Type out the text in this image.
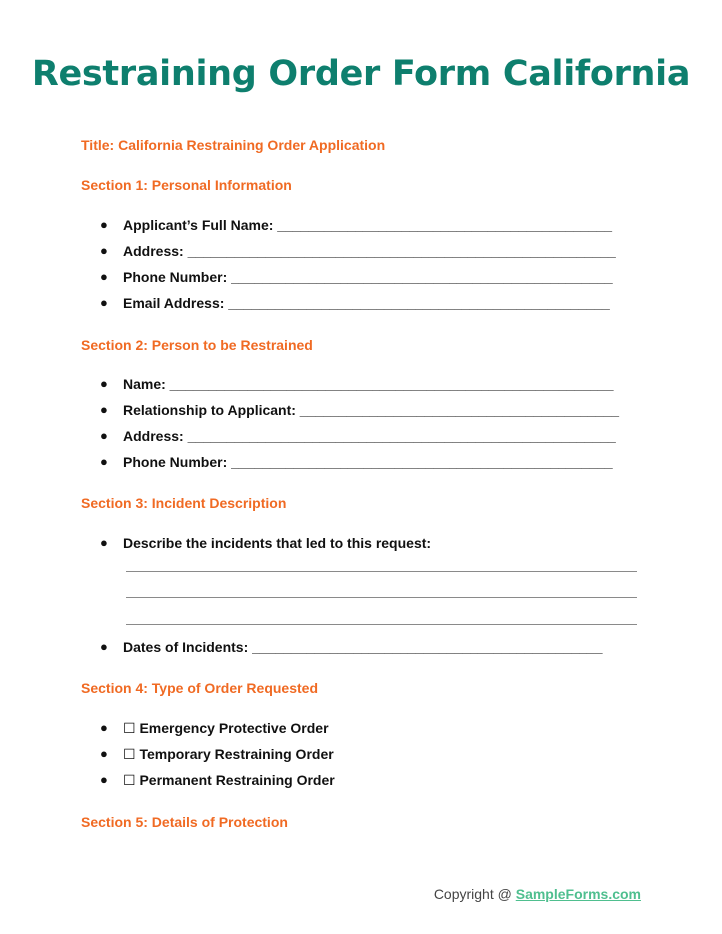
Restraining Order Form California
Title: California Restraining Order Application
Section 1: Personal Information
● Applicant’s Full Name: ___________________________________________
● Address: _______________________________________________________
● Phone Number: _________________________________________________
● Email Address: _________________________________________________
Section 2: Person to be Restrained
● Name: _________________________________________________________
● Relationship to Applicant: _________________________________________
● Address: _______________________________________________________
● Phone Number: _________________________________________________
Section 3: Incident Description
● Describe the incidents that led to this request:
● Dates of Incidents: _____________________________________________
Section 4: Type of Order Requested
● ☐ Emergency Protective Order
● ☐ Temporary Restraining Order
● ☐ Permanent Restraining Order
Section 5: Details of Protection
Copyright @ SampleForms.com
